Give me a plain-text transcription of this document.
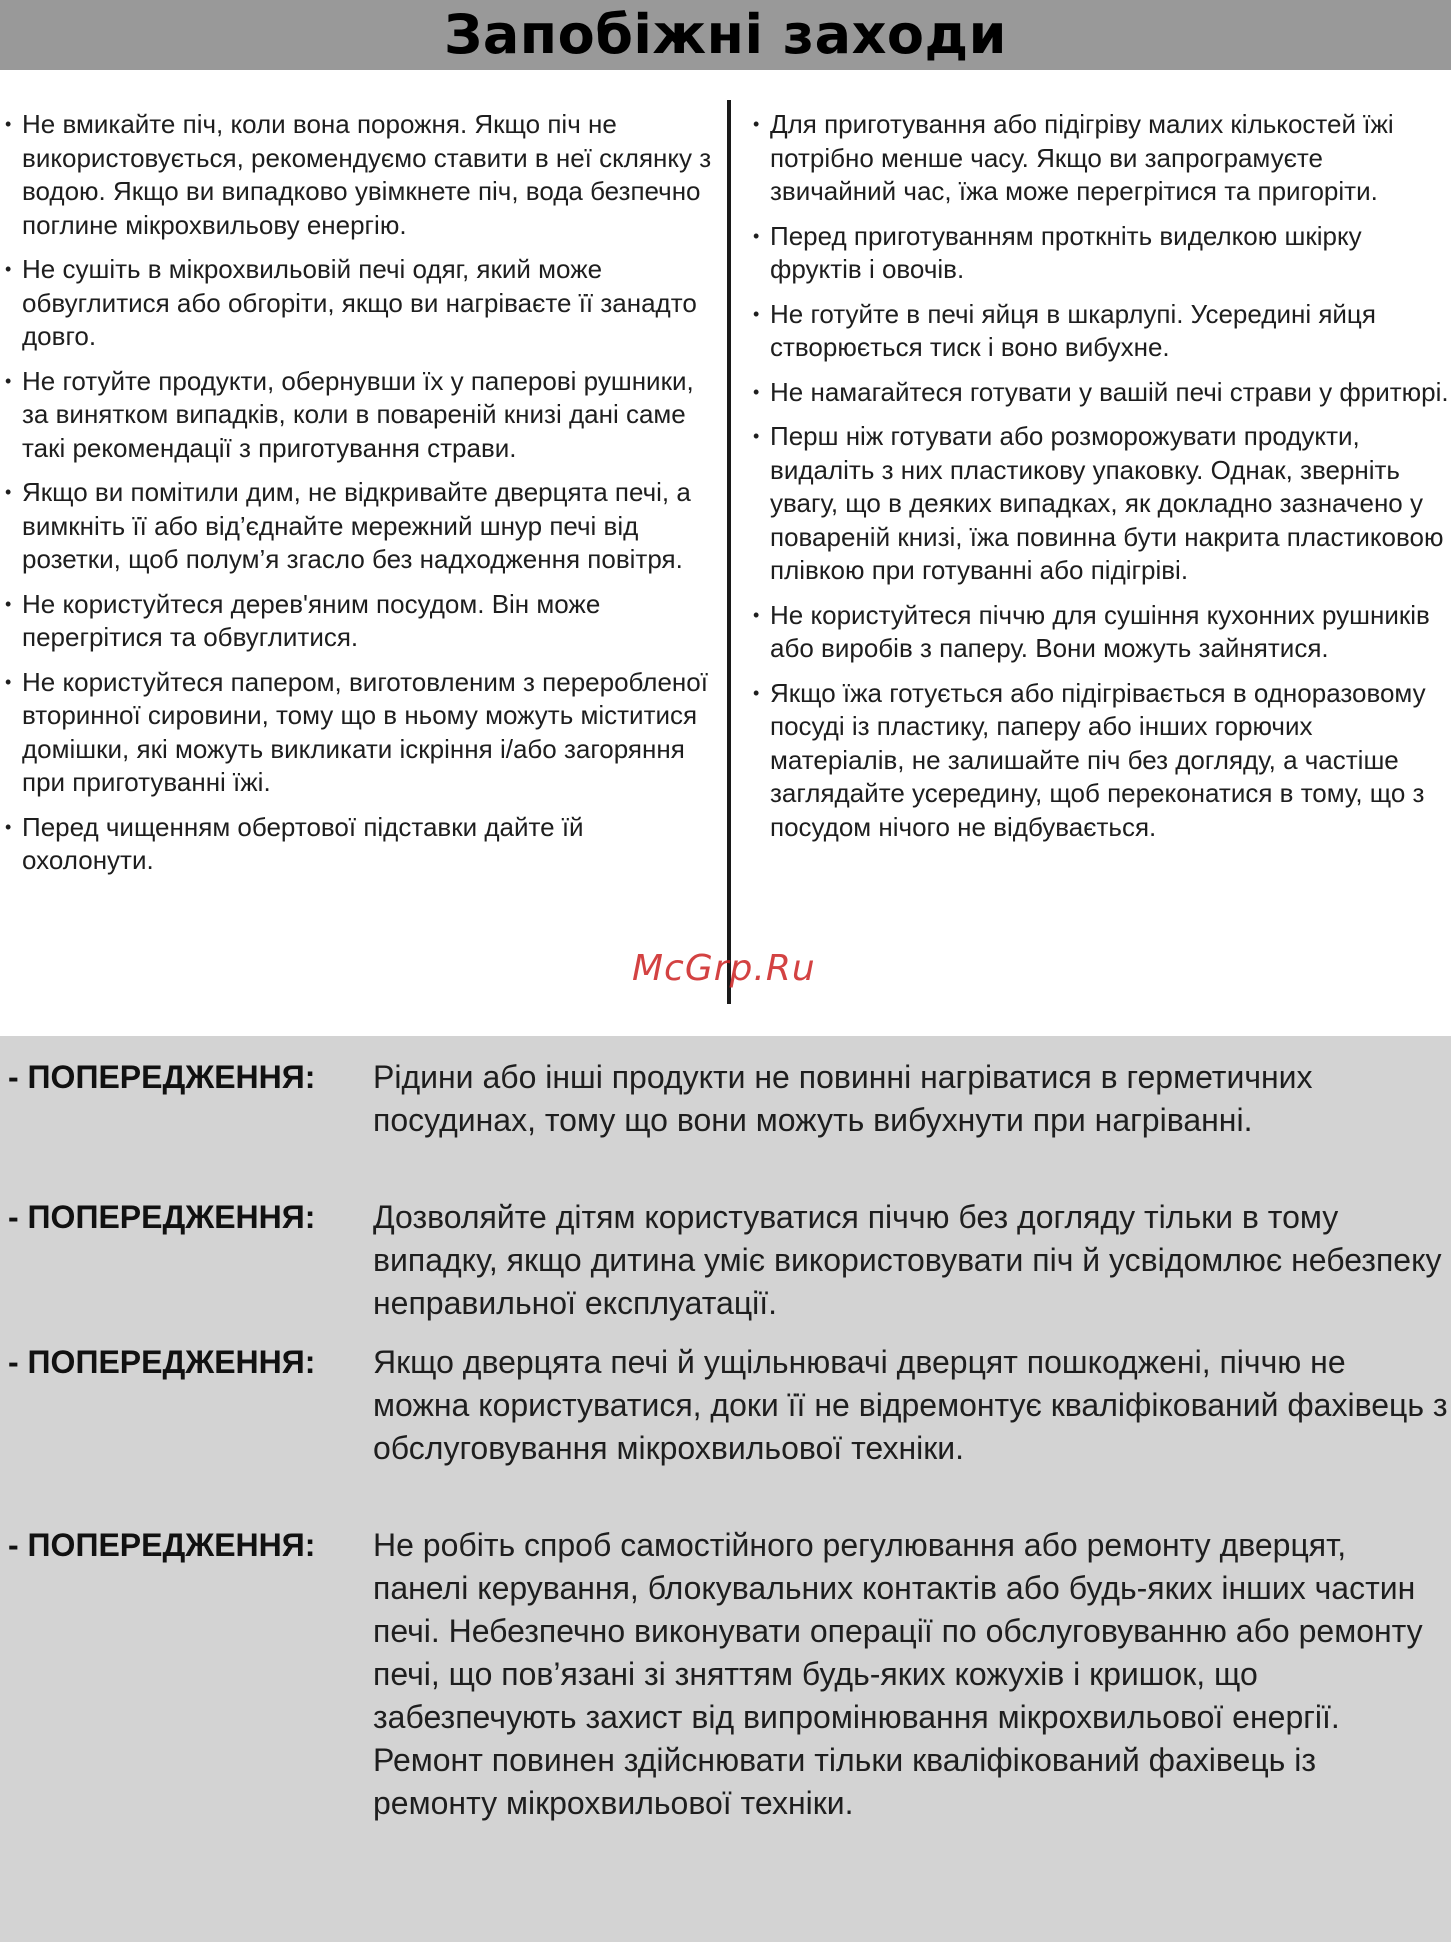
Запобіжні заходи
• Не вмикайте піч, коли вона порожня. Якщо піч не використовується, рекомендуємо ставити в неї склянку з водою. Якщо ви випадково увімкнете піч, вода безпечно поглине мікрохвильову енергію.
• Не сушіть в мікрохвильовій печі одяг, який може обвуглитися або обгоріти, якщо ви нагріваєте її занадто довго.
• Не готуйте продукти, обернувши їх у паперові рушники, за винятком випадків, коли в повареній книзі дані саме такі рекомендації з приготування страви.
• Якщо ви помітили дим, не відкривайте дверцята печі, а вимкніть її або від’єднайте мережний шнур печі від розетки, щоб полум’я згасло без надходження повітря.
• Не користуйтеся дерев'яним посудом. Він може перегрітися та обвуглитися.
• Не користуйтеся папером, виготовленим з переробленої вторинної сировини, тому що в ньому можуть міститися домішки, які можуть викликати іскріння і/або загоряння при приготуванні їжі.
• Перед чищенням обертової підставки дайте їй охолонути.
• Для приготування або підігріву малих кількостей їжі потрібно менше часу. Якщо ви запрограмуєте звичайний час, їжа може перегрітися та пригоріти.
• Перед приготуванням проткніть виделкою шкірку фруктів і овочів.
• Не готуйте в печі яйця в шкарлупі. Усередині яйця створюється тиск і воно вибухне.
• Не намагайтеся готувати у вашій печі страви у фритюрі.
• Перш ніж готувати або розморожувати продукти, видаліть з них пластикову упаковку. Однак, зверніть увагу, що в деяких випадках, як докладно зазначено у повареній книзі, їжа повинна бути накрита пластиковою плівкою при готуванні або підігріві.
• Не користуйтеся піччю для сушіння кухонних рушників або виробів з паперу. Вони можуть зайнятися.
• Якщо їжа готується або підігрівається в одноразовому посуді із пластику, паперу або інших горючих матеріалів, не залишайте піч без догляду, а частіше заглядайте усередину, щоб переконатися в тому, що з посудом нічого не відбувається.
McGrp.Ru
- ПОПЕРЕДЖЕННЯ: Рідини або інші продукти не повинні нагріватися в герметичних посудинах, тому що вони можуть вибухнути при нагріванні.
- ПОПЕРЕДЖЕННЯ: Дозволяйте дітям користуватися піччю без догляду тільки в тому випадку, якщо дитина уміє використовувати піч й усвідомлює небезпеку неправильної експлуатації.
- ПОПЕРЕДЖЕННЯ: Якщо дверцята печі й ущільнювачі дверцят пошкоджені, піччю не можна користуватися, доки її не відремонтує кваліфікований фахівець з обслуговування мікрохвильової техніки.
- ПОПЕРЕДЖЕННЯ: Не робіть спроб самостійного регулювання або ремонту дверцят, панелі керування, блокувальних контактів або будь-яких інших частин печі. Небезпечно виконувати операції по обслуговуванню або ремонту печі, що пов’язані зі зняттям будь-яких кожухів і кришок, що забезпечують захист від випромінювання мікрохвильової енергії. Ремонт повинен здійснювати тільки кваліфікований фахівець із ремонту мікрохвильової техніки.
